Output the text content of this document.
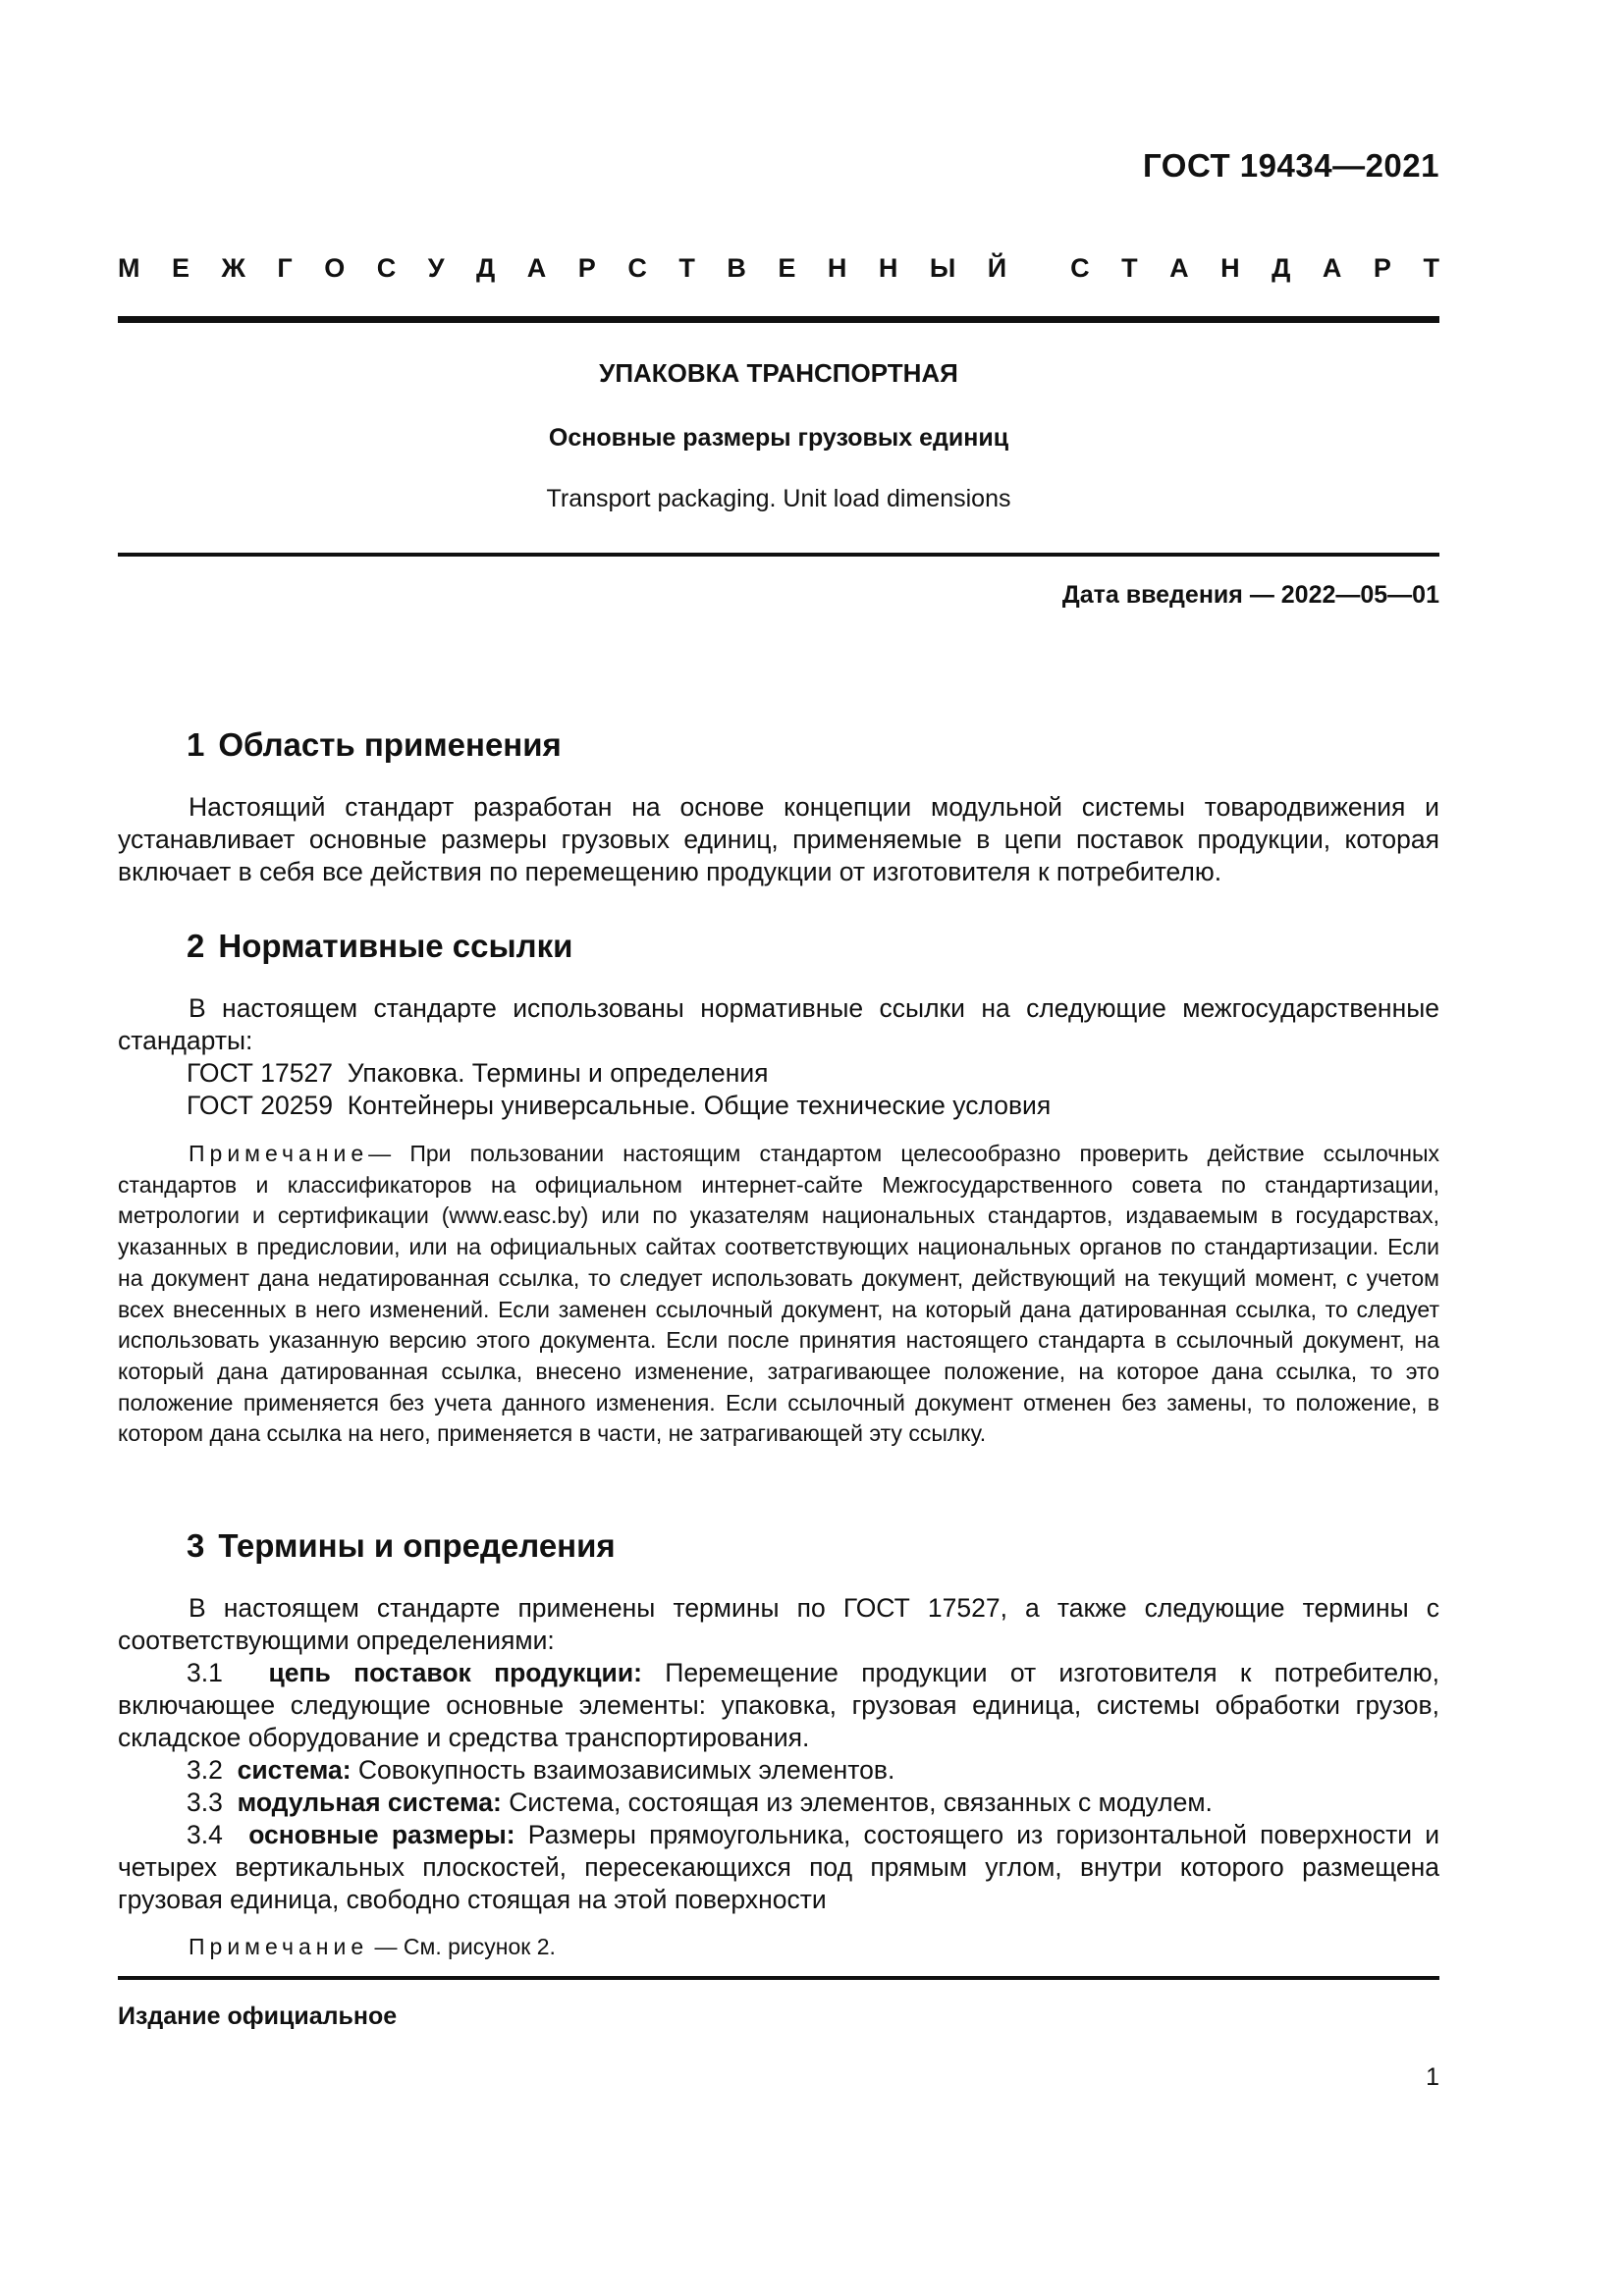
ГОСТ 19434—2021
М Е Ж Г О С У Д А Р С Т В Е Н Н Ы Й С Т А Н Д А Р Т
УПАКОВКА ТРАНСПОРТНАЯ
Основные размеры грузовых единиц
Transport packaging. Unit load dimensions
Дата введения — 2022—05—01
1 Область применения
Настоящий стандарт разработан на основе концепции модульной системы товародвижения и устанавливает основные размеры грузовых единиц, применяемые в цепи поставок продукции, которая включает в себя все действия по перемещению продукции от изготовителя к потребителю.
2 Нормативные ссылки
В настоящем стандарте использованы нормативные ссылки на следующие межгосударственные стандарты:
ГОСТ 17527 Упаковка. Термины и определения
ГОСТ 20259 Контейнеры универсальные. Общие технические условия
Примечание— При пользовании настоящим стандартом целесообразно проверить действие ссылочных стандартов и классификаторов на официальном интернет-сайте Межгосударственного совета по стандартизации, метрологии и сертификации (www.easc.by) или по указателям национальных стандартов, издаваемым в государствах, указанных в предисловии, или на официальных сайтах соответствующих национальных органов по стандартизации. Если на документ дана недатированная ссылка, то следует использовать документ, действующий на текущий момент, с учетом всех внесенных в него изменений. Если заменен ссылочный документ, на который дана датированная ссылка, то следует использовать указанную версию этого документа. Если после принятия настоящего стандарта в ссылочный документ, на который дана датированная ссылка, внесено изменение, затрагивающее положение, на которое дана ссылка, то это положение применяется без учета данного изменения. Если ссылочный документ отменен без замены, то положение, в котором дана ссылка на него, применяется в части, не затрагивающей эту ссылку.
3 Термины и определения
В настоящем стандарте применены термины по ГОСТ 17527, а также следующие термины с соответствующими определениями:
3.1 цепь поставок продукции: Перемещение продукции от изготовителя к потребителю, включающее следующие основные элементы: упаковка, грузовая единица, системы обработки грузов, складское оборудование и средства транспортирования.
3.2 система: Совокупность взаимозависимых элементов.
3.3 модульная система: Система, состоящая из элементов, связанных с модулем.
3.4 основные размеры: Размеры прямоугольника, состоящего из горизонтальной поверхности и четырех вертикальных плоскостей, пересекающихся под прямым углом, внутри которого размещена грузовая единица, свободно стоящая на этой поверхности
Примечание — См. рисунок 2.
Издание официальное
1
